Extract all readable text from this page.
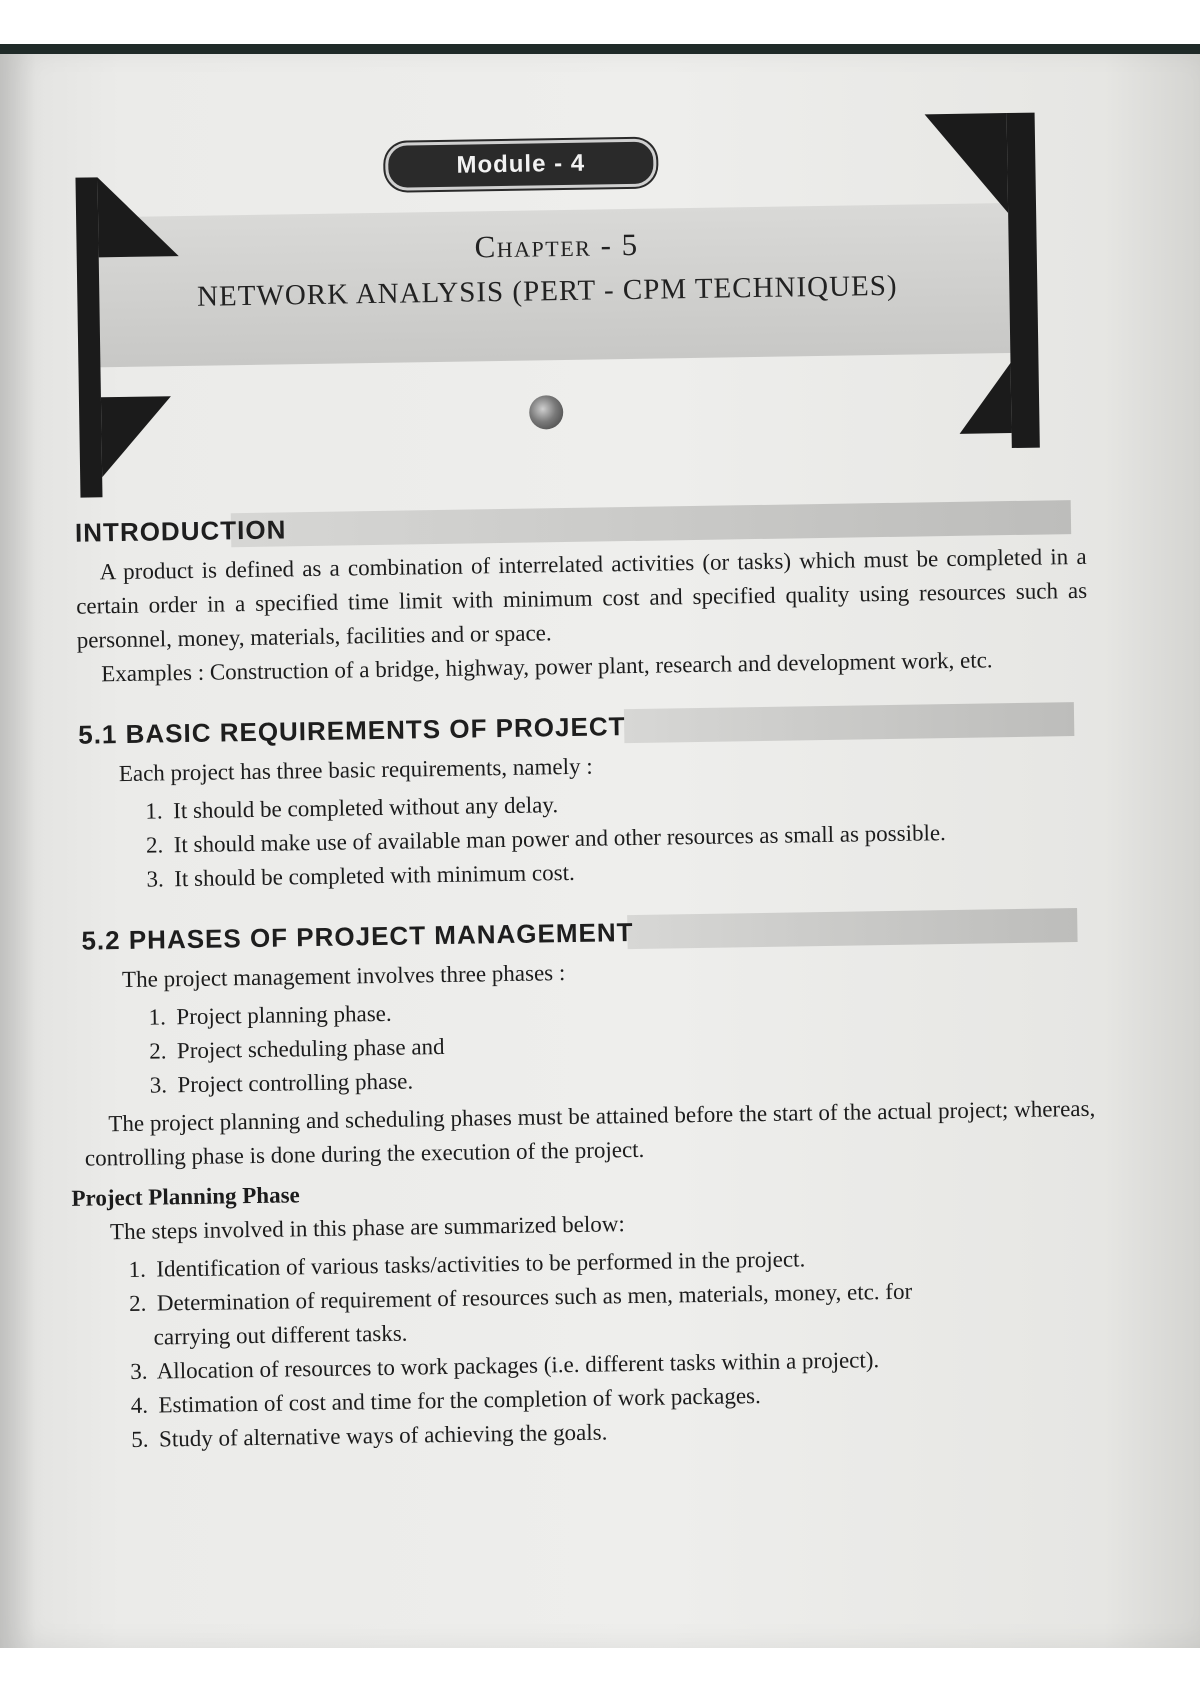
Module - 4
Chapter - 5
NETWORK ANALYSIS (PERT - CPM TECHNIQUES)
INTRODUCTION

A product is defined as a combination of interrelated activities (or tasks) which must be completed in a certain order in a specified time limit with minimum cost and specified quality using resources such as personnel, money, materials, facilities and or space.

Examples : Construction of a bridge, highway, power plant, research and development work, etc.

5.1 BASIC REQUIREMENTS OF PROJECT

Each project has three basic requirements, namely :

1. It should be completed without any delay.
2. It should make use of available man power and other resources as small as possible.
3. It should be completed with minimum cost.
5.2 PHASES OF PROJECT MANAGEMENT

The project management involves three phases :

1. Project planning phase.
2. Project scheduling phase and
3. Project controlling phase.

The project planning and scheduling phases must be attained before the start of the actual project; whereas, controlling phase is done during the execution of the project.

Project Planning Phase

The steps involved in this phase are summarized below:

1. Identification of various tasks/activities to be performed in the project.
2. Determination of requirement of resources such as men, materials, money, etc. for
carrying out different tasks.
3. Allocation of resources to work packages (i.e. different tasks within a project).
4. Estimation of cost and time for the completion of work packages.
5. Study of alternative ways of achieving the goals.
